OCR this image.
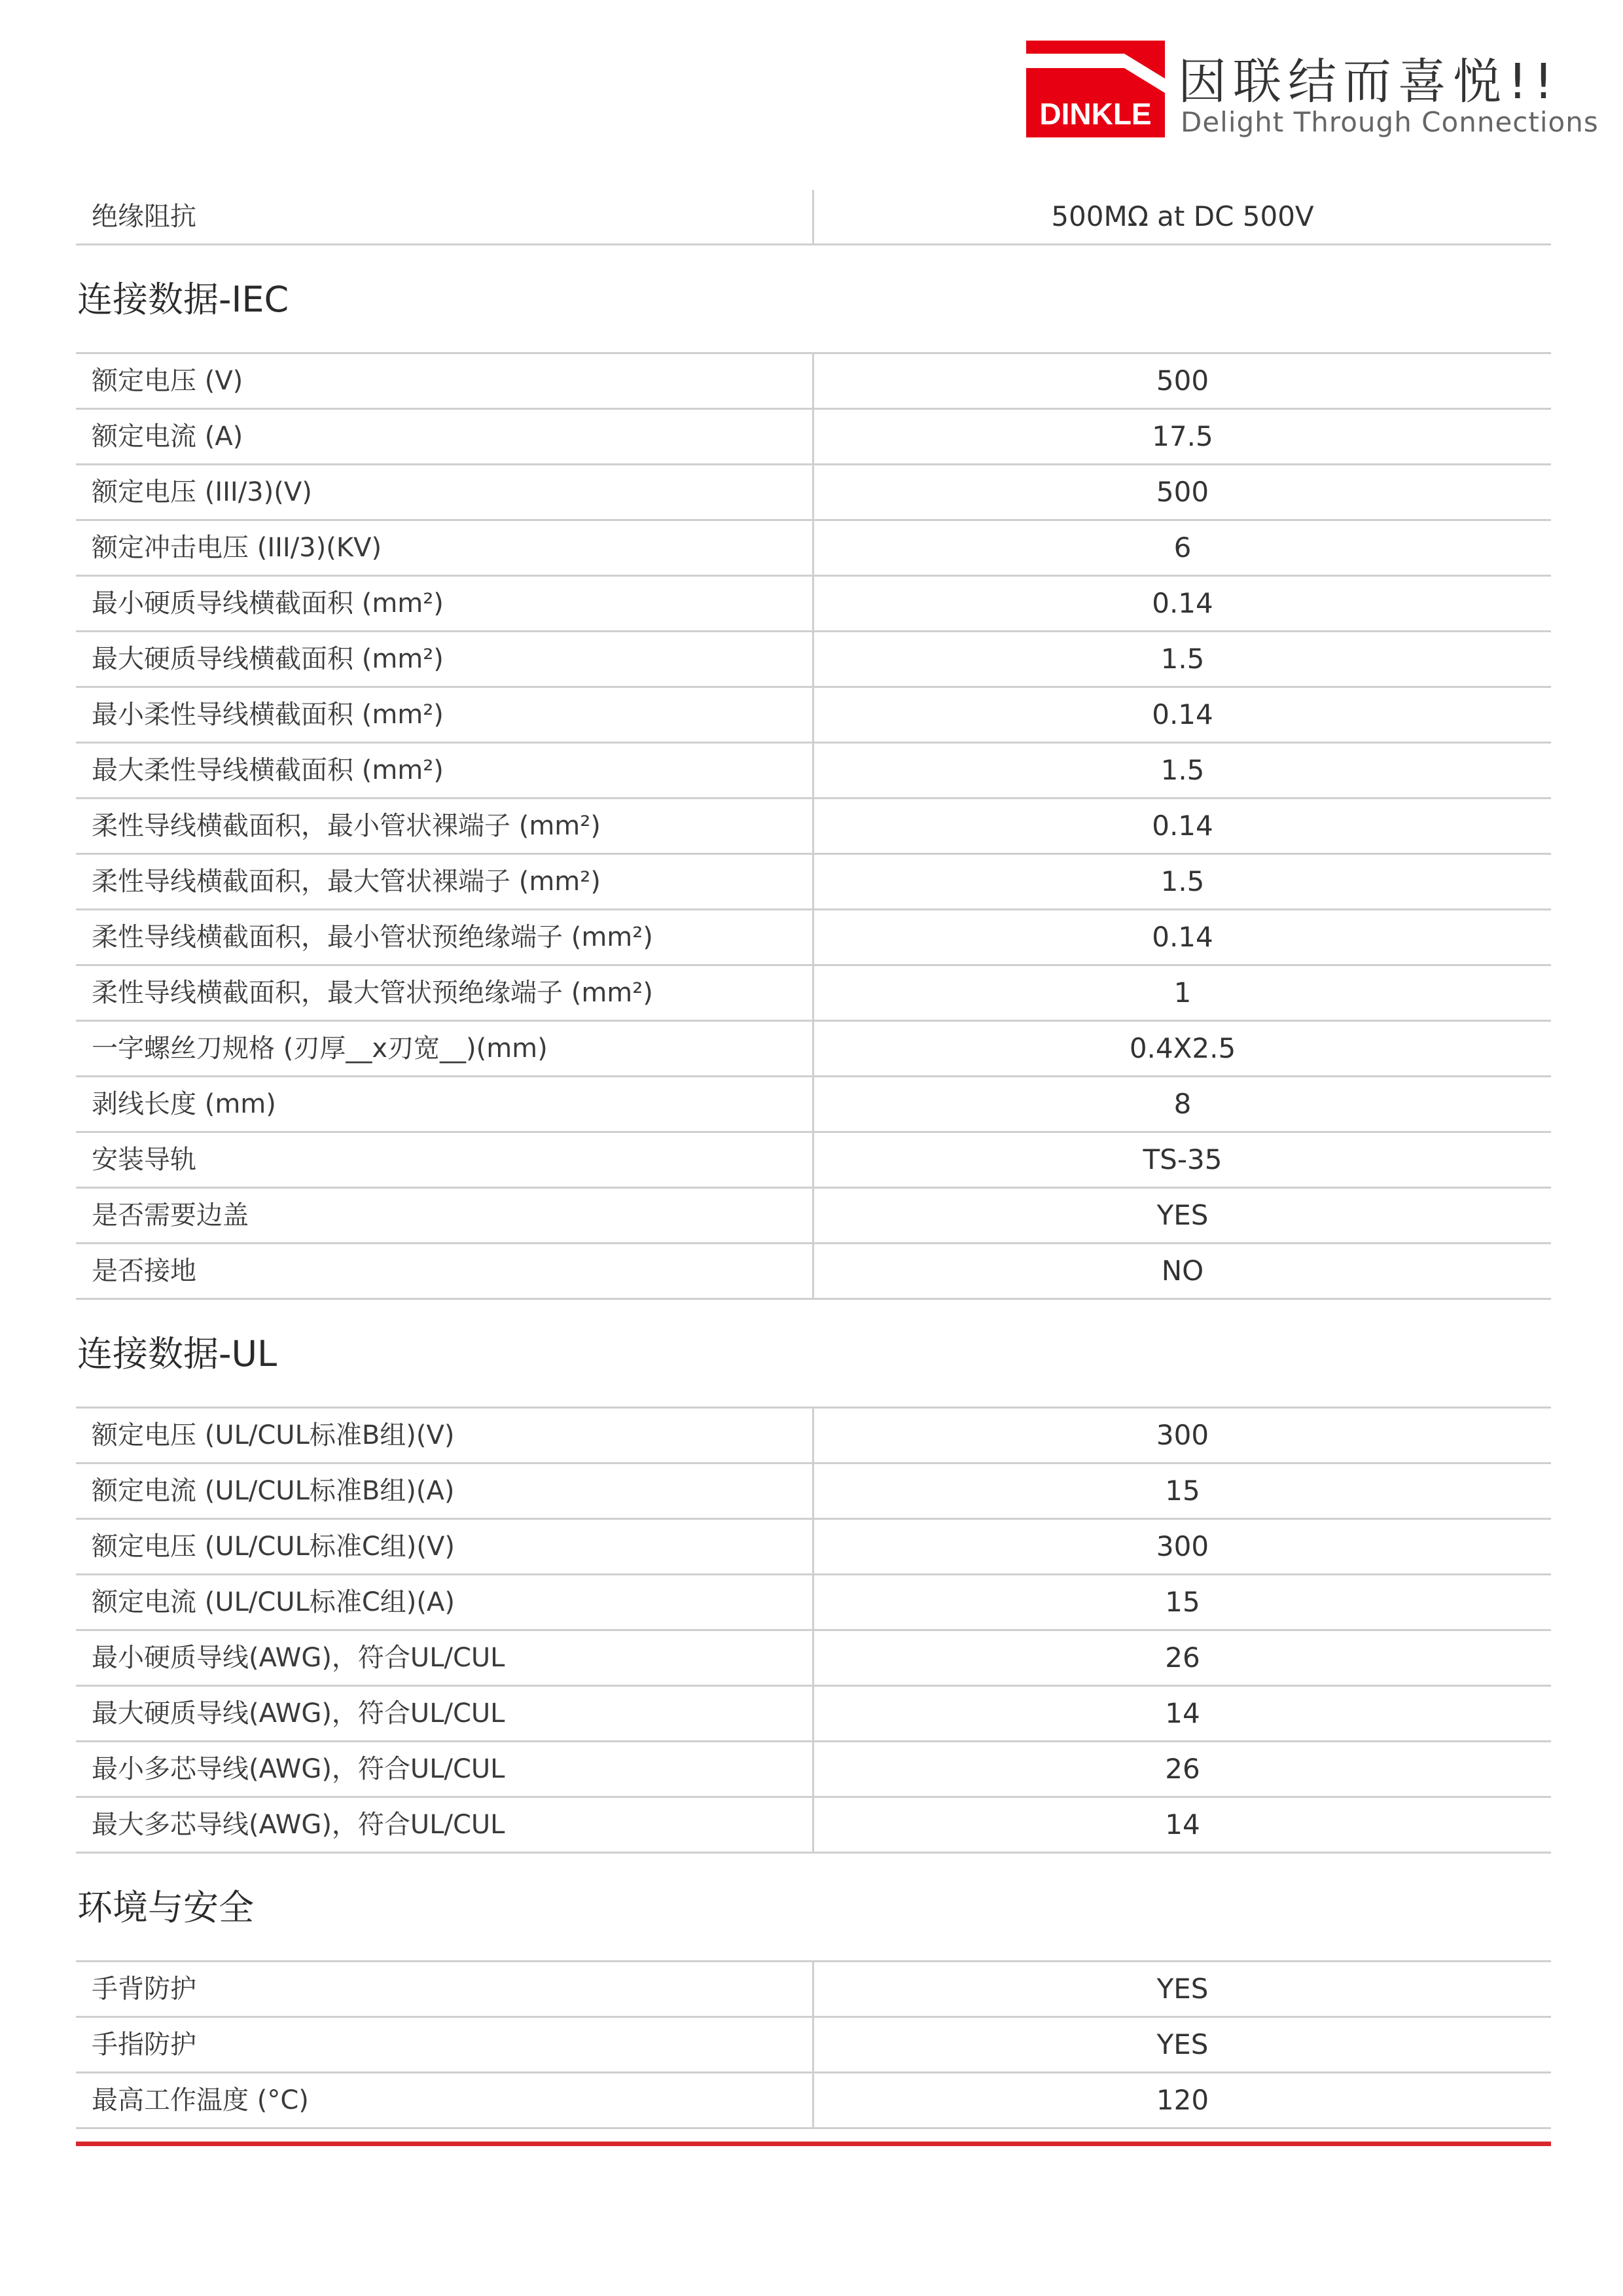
DINKLE
因联结而喜悦!!
Delight Through Connections
绝缘阻抗	500MΩ at DC 500V
连接数据-IEC
额定电压 (V)	500
额定电流 (A)	17.5
额定电压 (III/3)(V)	500
额定冲击电压 (III/3)(KV)	6
最小硬质导线横截面积 (mm²)	0.14
最大硬质导线横截面积 (mm²)	1.5
最小柔性导线横截面积 (mm²)	0.14
最大柔性导线横截面积 (mm²)	1.5
柔性导线横截面积，最小管状裸端子 (mm²)	0.14
柔性导线横截面积，最大管状裸端子 (mm²)	1.5
柔性导线横截面积，最小管状预绝缘端子 (mm²)	0.14
柔性导线横截面积，最大管状预绝缘端子 (mm²)	1
一字螺丝刀规格 (刃厚__x刃宽__)(mm)	0.4X2.5
剥线长度 (mm)	8
安装导轨	TS-35
是否需要边盖	YES
是否接地	NO
连接数据-UL
额定电压 (UL/CUL标准B组)(V)	300
额定电流 (UL/CUL标准B组)(A)	15
额定电压 (UL/CUL标准C组)(V)	300
额定电流 (UL/CUL标准C组)(A)	15
最小硬质导线(AWG)，符合UL/CUL	26
最大硬质导线(AWG)，符合UL/CUL	14
最小多芯导线(AWG)，符合UL/CUL	26
最大多芯导线(AWG)，符合UL/CUL	14
环境与安全
手背防护	YES
手指防护	YES
最高工作温度 (°C)	120
